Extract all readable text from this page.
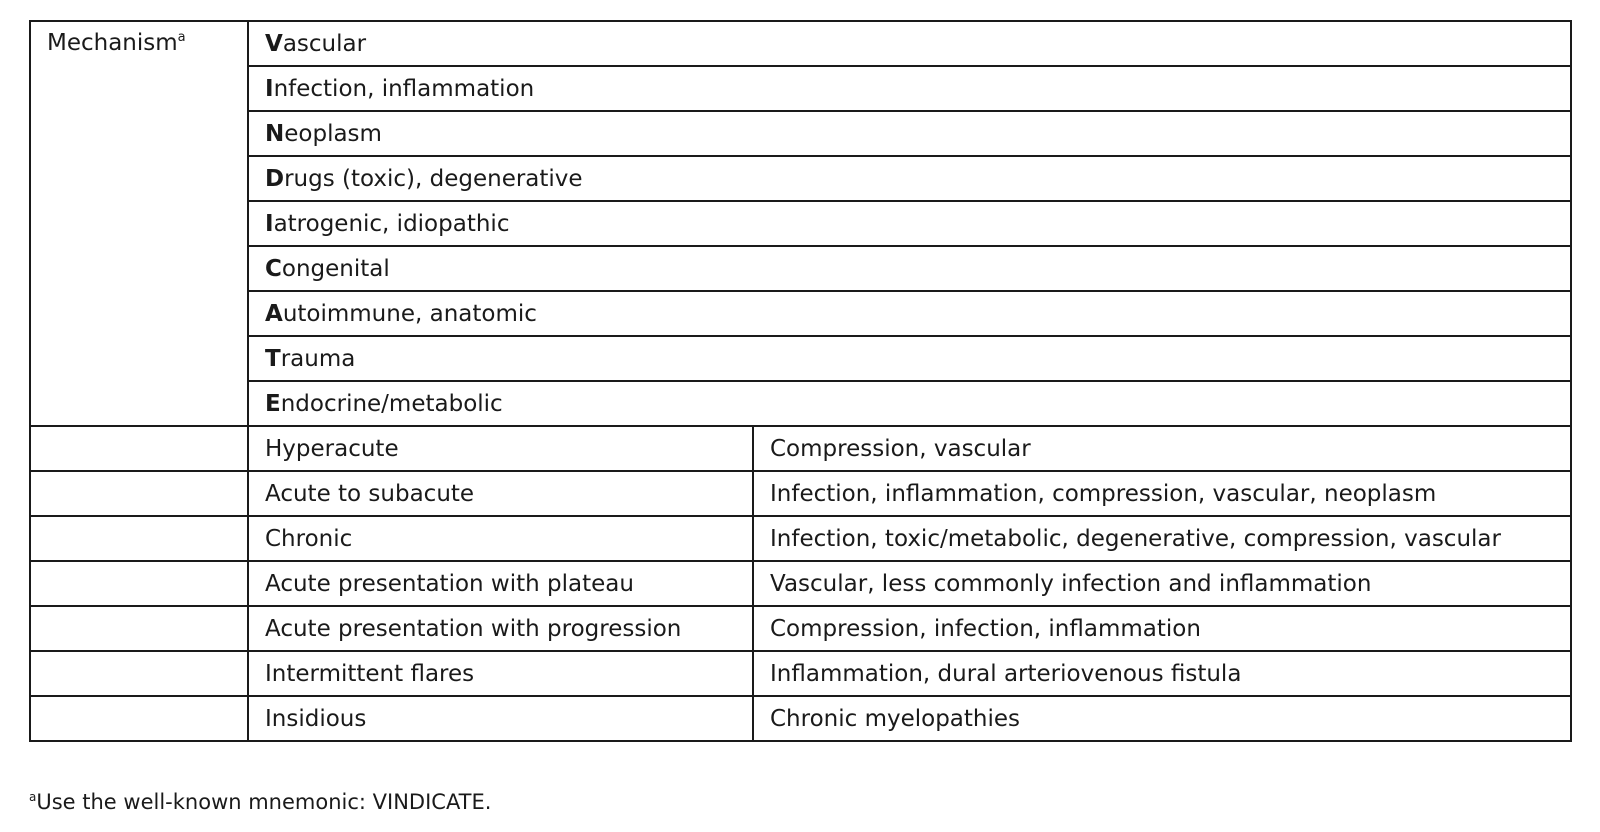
Mechanism$^a$	Vascular	
	Infection, inflammation	
	Neoplasm	
	Drugs (toxic), degenerative	
	Iatrogenic, idiopathic	
	Congenital	
	Autoimmune, anatomic	
	Trauma	
	Endocrine/metabolic	
	Hyperacute	Compression, vascular
	Acute to subacute	Infection, inflammation, compression, vascular, neoplasm
	Chronic	Infection, toxic/metabolic, degenerative, compression, vascular
	Acute presentation with plateau	Vascular, less commonly infection and inflammation
	Acute presentation with progression	Compression, infection, inflammation
	Intermittent flares	Inflammation, dural arteriovenous fistula
	Insidious	Chronic myelopathies
$^a$Use the well-known mnemonic: VINDICATE.
